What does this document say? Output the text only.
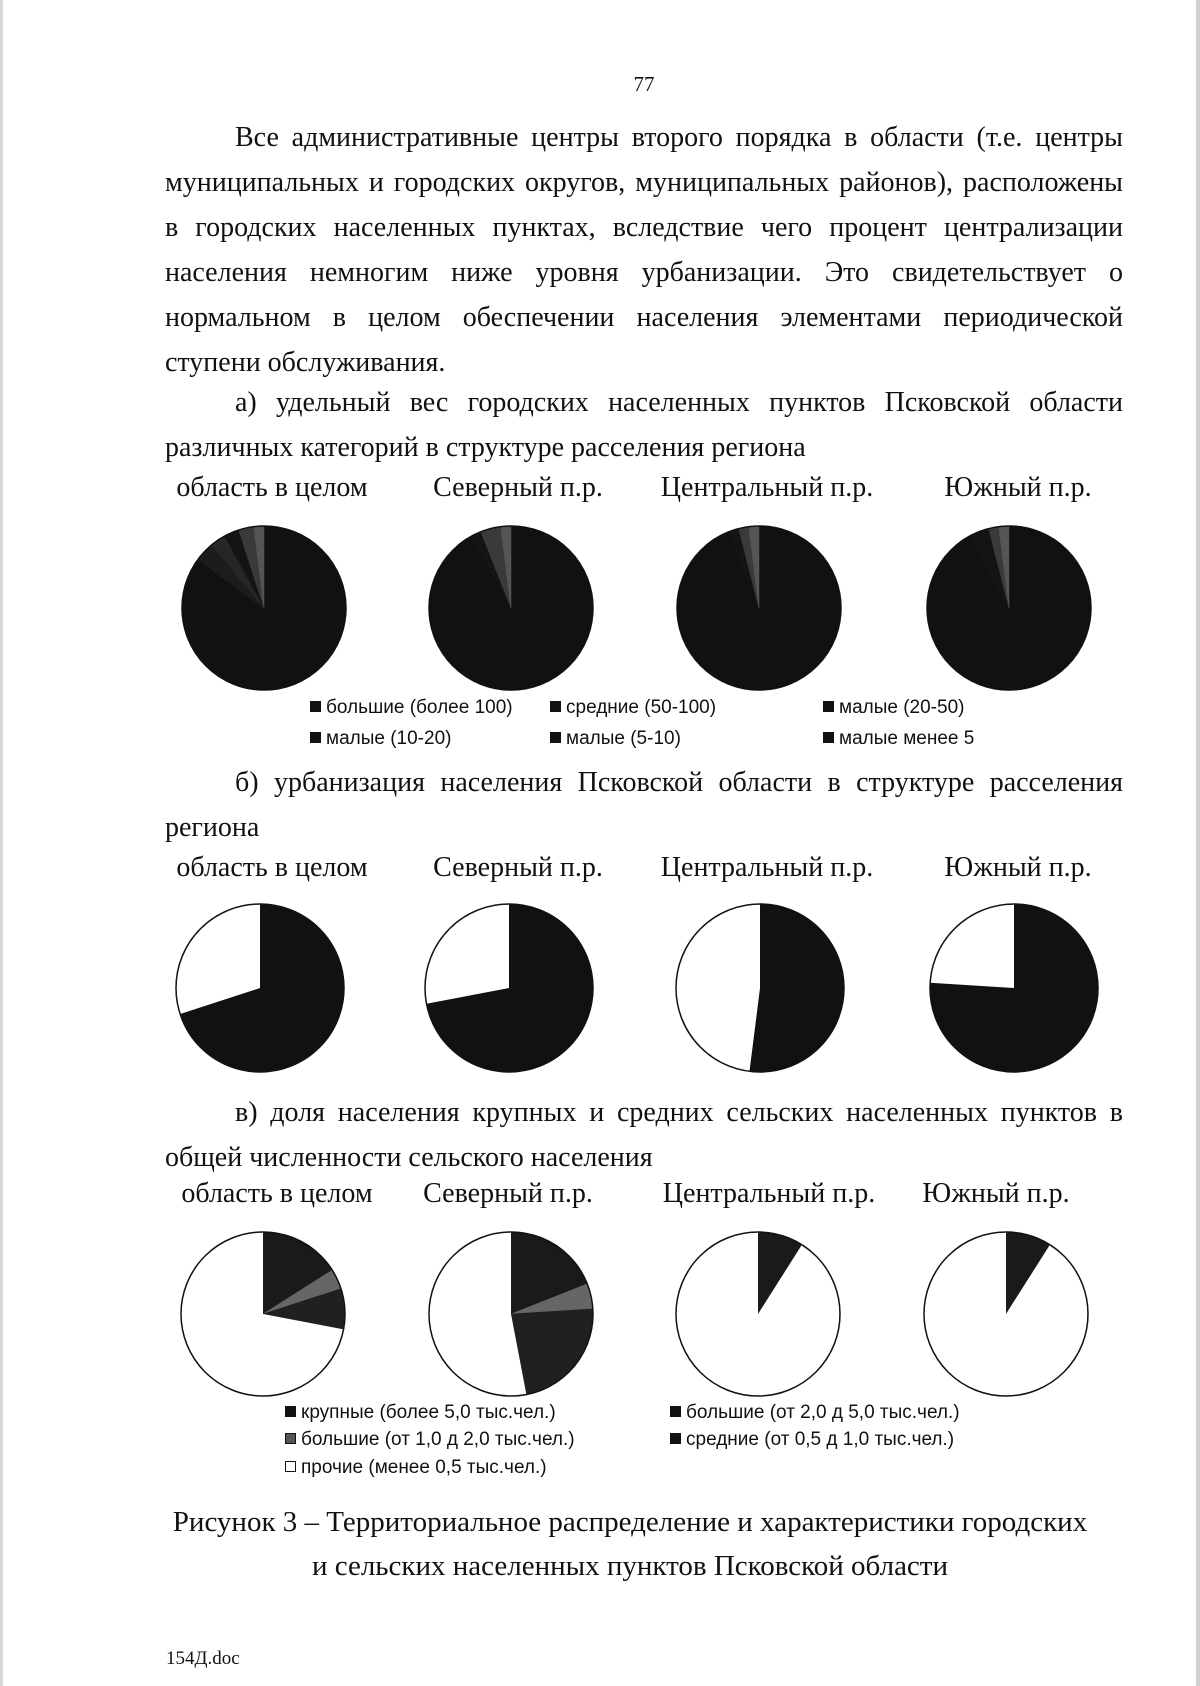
77

Все административные центры второго порядка в области (т.е. центры муниципальных и городских округов, муниципальных районов), расположены в городских населенных пунктах, вследствие чего процент централизации населения немногим ниже уровня урбанизации. Это свидетельствует о нормальном в целом обеспечении населения элементами периодической ступени обслуживания.

а) удельный вес городских населенных пунктов Псковской области различных категорий в структуре расселения региона

область в целом Северный п.р. Центральный п.р.	Южный п.р.
большие (более 100)	средние (50-100)	малые (20-50)
малые (10-20)	малые (5-10)	малые менее 5

б) урбанизация населения Псковской области в структуре расселения региона

область в целом Северный п.р. Центральный п.р.	Южный п.р.

в) доля населения крупных и средних сельских населенных пунктов в общей численности сельского населения

область в целом Северный п.р. Центральный п.р. Южный п.р.
крупные (более 5,0 тыс.чел.)	большие (от 2,0 д 5,0 тыс.чел.)
большие (от 1,0 д 2,0 тыс.чел.)	средние (от 0,5 д 1,0 тыс.чел.)
прочие (менее 0,5 тыс.чел.)
Рисунок 3 – Территориальное распределение и характеристики городских
и сельских населенных пунктов Псковской области
154Д.doc
